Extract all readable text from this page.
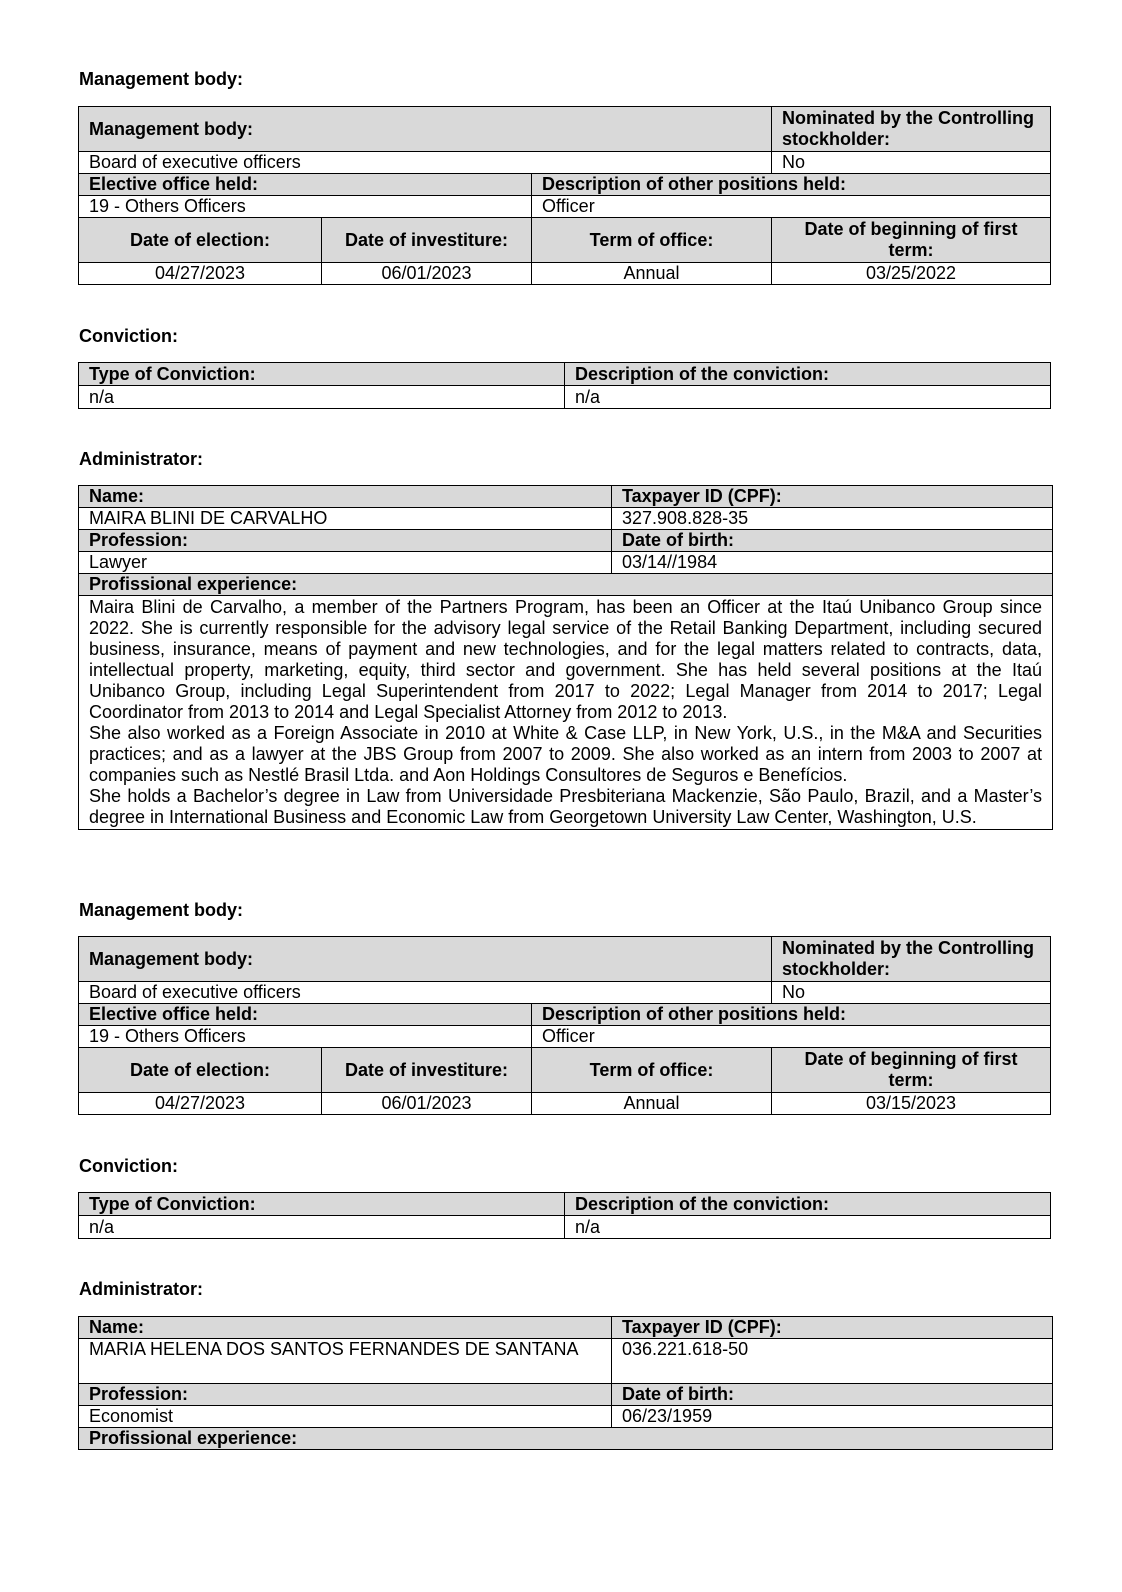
Management body:
Management body:			Nominated by the Controlling stockholder:
Board of executive officers			No
Elective office held:		Description of other positions held:	
19 - Others Officers		Officer	
Date of election:	Date of investiture:	Term of office:	Date of beginning of first term:
04/27/2023	06/01/2023	Annual	03/25/2022
Conviction:
Type of Conviction:	Description of the conviction:
n/a	n/a
Administrator:
Name:	Taxpayer ID (CPF):
MAIRA BLINI DE CARVALHO	327.908.828-35
Profession:	Date of birth:
Lawyer	03/14//1984
Profissional experience:	

Maira Blini de Carvalho, a member of the Partners Program, has been an Officer at the Itaú Unibanco Group since 2022. She is currently responsible for the advisory legal service of the Retail Banking Department, including secured business, insurance, means of payment and new technologies, and for the legal matters related to contracts, data, intellectual property, marketing, equity, third sector and government. She has held several positions at the Itaú Unibanco Group, including Legal Superintendent from 2017 to 2022; Legal Manager from 2014 to 2017; Legal Coordinator from 2013 to 2014 and Legal Specialist Attorney from 2012 to 2013.

She also worked as a Foreign Associate in 2010 at White & Case LLP, in New York, U.S., in the M&A and Securities practices; and as a lawyer at the JBS Group from 2007 to 2009. She also worked as an intern from 2003 to 2007 at companies such as Nestlé Brasil Ltda. and Aon Holdings Consultores de Seguros e Benefícios.

She holds a Bachelor’s degree in Law from Universidade Presbiteriana Mackenzie, São Paulo, Brazil, and a Master’s degree in International Business and Economic Law from Georgetown University Law Center, Washington, U.S.	

Management body:
Management body:			Nominated by the Controlling stockholder:
Board of executive officers			No
Elective office held:		Description of other positions held:	
19 - Others Officers		Officer	
Date of election:	Date of investiture:	Term of office:	Date of beginning of first term:
04/27/2023	06/01/2023	Annual	03/15/2023
Conviction:
Type of Conviction:	Description of the conviction:
n/a	n/a
Administrator:
Name:	Taxpayer ID (CPF):
MARIA HELENA DOS SANTOS FERNANDES DE SANTANA	036.221.618-50
Profession:	Date of birth:
Economist	06/23/1959
Profissional experience:	
